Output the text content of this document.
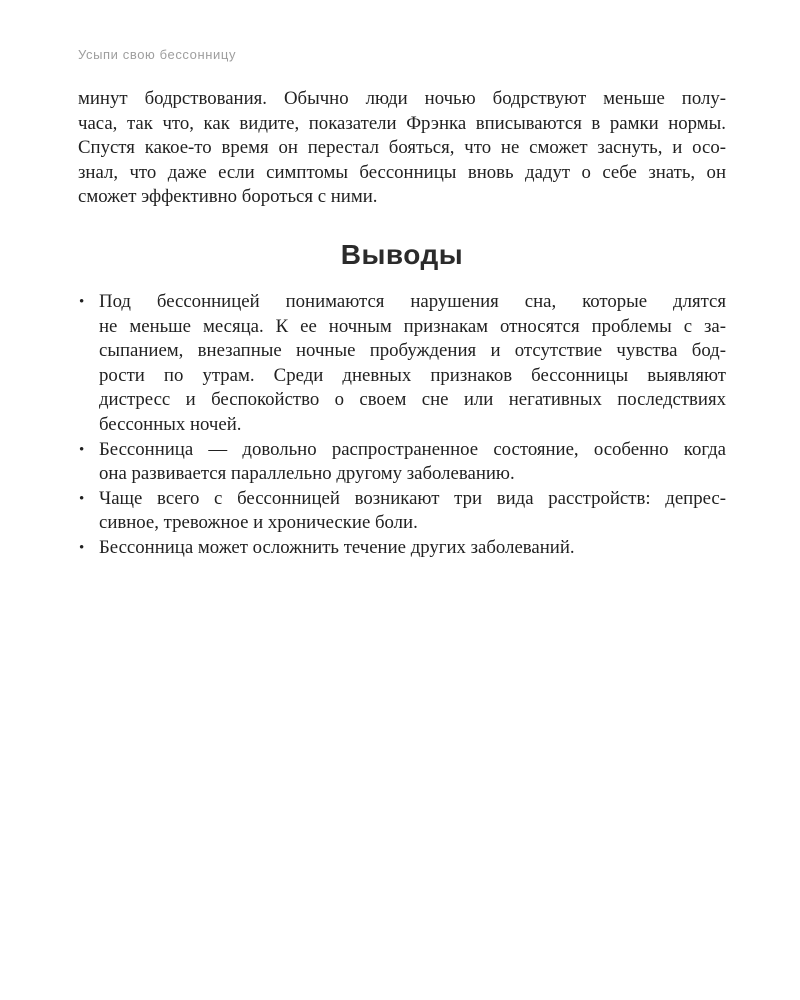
Усыпи свою бессонницу
минут бодрствования. Обычно люди ночью бодрствуют меньше полу-
часа, так что, как видите, показатели Фрэнка вписываются в рамки нормы.
Спустя какое-то время он перестал бояться, что не сможет заснуть, и осо-
знал, что даже если симптомы бессонницы вновь дадут о себе знать, он
сможет эффективно бороться с ними.
Выводы
• Под бессонницей понимаются нарушения сна, которые длятся
не меньше месяца. К ее ночным признакам относятся проблемы с за-
сыпанием, внезапные ночные пробуждения и отсутствие чувства бод-
рости по утрам. Среди дневных признаков бессонницы выявляют
дистресс и беспокойство о своем сне или негативных последствиях
бессонных ночей.
• Бессонница — довольно распространенное состояние, особенно когда
она развивается параллельно другому заболеванию.
• Чаще всего с бессонницей возникают три вида расстройств: депрес-
сивное, тревожное и хронические боли.
• Бессонница может осложнить течение других заболеваний.
